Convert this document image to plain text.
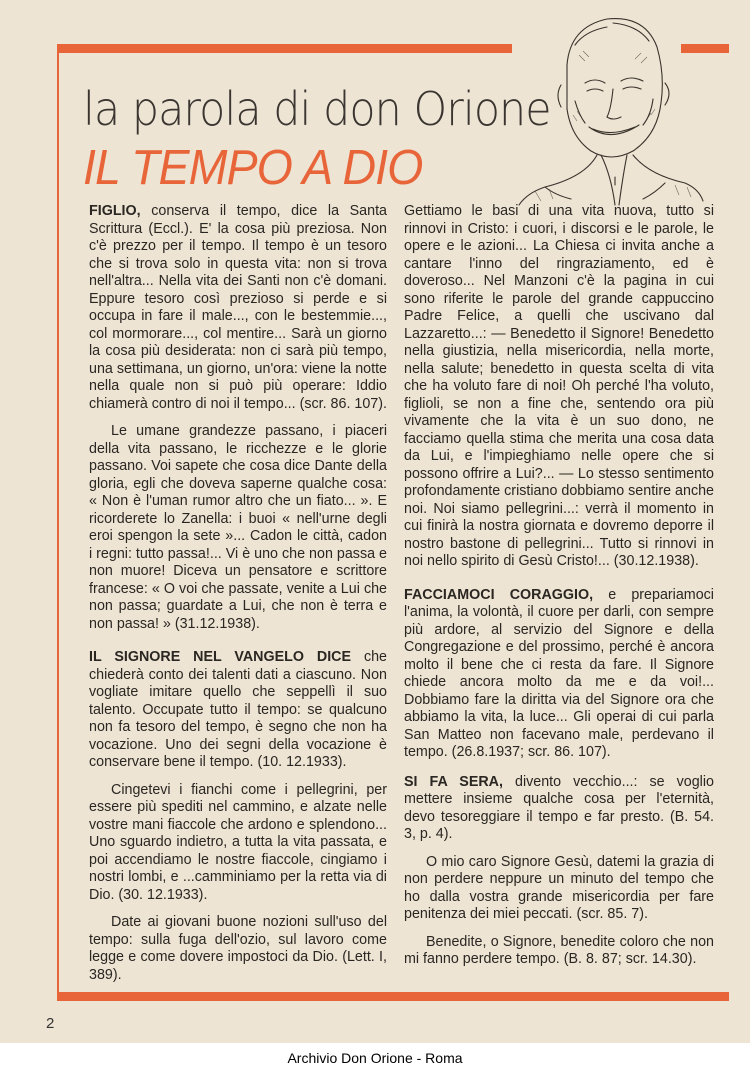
la parola di don Orione
IL TEMPO A DIO

FIGLIO, conserva il tempo, dice la Santa Scrittura (Eccl.). E' la cosa più preziosa. Non c'è prezzo per il tempo. Il tempo è un tesoro che si trova solo in questa vita: non si trova nell'altra... Nella vita dei Santi non c'è domani. Eppure tesoro così prezioso si perde e si occupa in fare il male..., con le bestemmie..., col mormorare..., col mentire... Sarà un giorno la cosa più desiderata: non ci sarà più tempo, una settimana, un giorno, un'ora: viene la notte nella quale non si può più operare: Iddio chiamerà contro di noi il tempo... (scr. 86. 107).

Le umane grandezze passano, i piaceri della vita passano, le ricchezze e le glorie passano. Voi sapete che cosa dice Dante della gloria, egli che doveva saperne qualche cosa: « Non è l'uman rumor altro che un fiato... ». E ricorderete lo Zanella: i buoi « nell'urne degli eroi spengon la sete »... Cadon le città, cadon i regni: tutto passa!... Vi è uno che non passa e non muore! Diceva un pensatore e scrittore francese: « O voi che passate, venite a Lui che non passa; guardate a Lui, che non è terra e non passa! » (31.12.1938).

IL SIGNORE NEL VANGELO DICE che chiederà conto dei talenti dati a ciascuno. Non vogliate imitare quello che seppellì il suo talento. Occupate tutto il tempo: se qualcuno non fa tesoro del tempo, è segno che non ha vocazione. Uno dei segni della vocazione è conservare bene il tempo. (10. 12.1933).

Cingetevi i fianchi come i pellegrini, per essere più spediti nel cammino, e alzate nelle vostre mani fiaccole che ardono e splendono... Uno sguardo indietro, a tutta la vita passata, e poi accendiamo le nostre fiaccole, cingiamo i nostri lombi, e ...camminiamo per la retta via di Dio. (30. 12.1933).

Date ai giovani buone nozioni sull'uso del tempo: sulla fuga dell'ozio, sul lavoro come legge e come dovere impostoci da Dio. (Lett. I, 389).

Gettiamo le basi di una vita nuova, tutto si rinnovi in Cristo: i cuori, i discorsi e le parole, le opere e le azioni... La Chiesa ci invita anche a cantare l'inno del ringraziamento, ed è doveroso... Nel Manzoni c'è la pagina in cui sono riferite le parole del grande cappuccino Padre Felice, a quelli che uscivano dal Lazzaretto...: — Benedetto il Signore! Benedetto nella giustizia, nella misericordia, nella morte, nella salute; benedetto in questa scelta di vita che ha voluto fare di noi! Oh perché l'ha voluto, figlioli, se non a fine che, sentendo ora più vivamente che la vita è un suo dono, ne facciamo quella stima che merita una cosa data da Lui, e l'impieghiamo nelle opere che si possono offrire a Lui?... — Lo stesso sentimento profondamente cristiano dobbiamo sentire anche noi. Noi siamo pellegrini...: verrà il momento in cui finirà la nostra giornata e dovremo deporre il nostro bastone di pellegrini... Tutto si rinnovi in noi nello spirito di Gesù Cristo!... (30.12.1938).

FACCIAMOCI CORAGGIO, e prepariamoci l'anima, la volontà, il cuore per darli, con sempre più ardore, al servizio del Signore e della Congregazione e del prossimo, perché è ancora molto il bene che ci resta da fare. Il Signore chiede ancora molto da me e da voi!... Dobbiamo fare la diritta via del Signore ora che abbiamo la vita, la luce... Gli operai di cui parla San Matteo non facevano male, perdevano il tempo. (26.8.1937; scr. 86. 107).

SI FA SERA, divento vecchio...: se voglio mettere insieme qualche cosa per l'eternità, devo tesoreggiare il tempo e far presto. (B. 54. 3, p. 4).

O mio caro Signore Gesù, datemi la grazia di non perdere neppure un minuto del tempo che ho dalla vostra grande misericordia per fare penitenza dei miei peccati. (scr. 85. 7).

Benedite, o Signore, benedite coloro che non mi fanno perdere tempo. (B. 8. 87; scr. 14.30).

2
Archivio Don Orione - Roma
